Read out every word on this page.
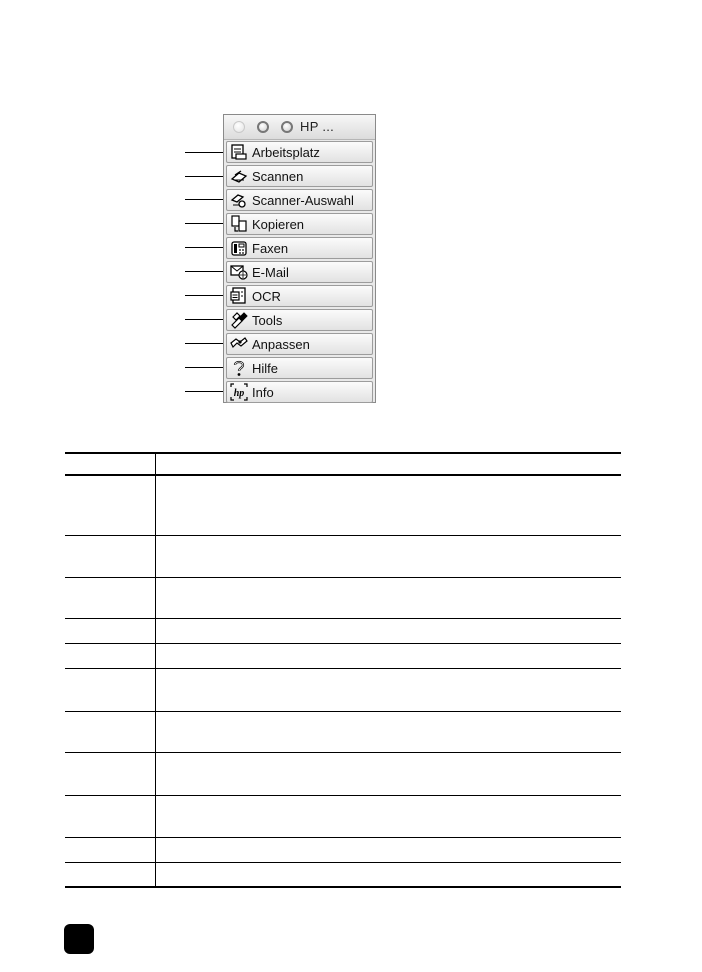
HP ...
Arbeitsplatz
Scannen
Scanner-Auswahl
Kopieren
Faxen
E-Mail
OCR
Tools
Anpassen
Hilfe
hp Info
